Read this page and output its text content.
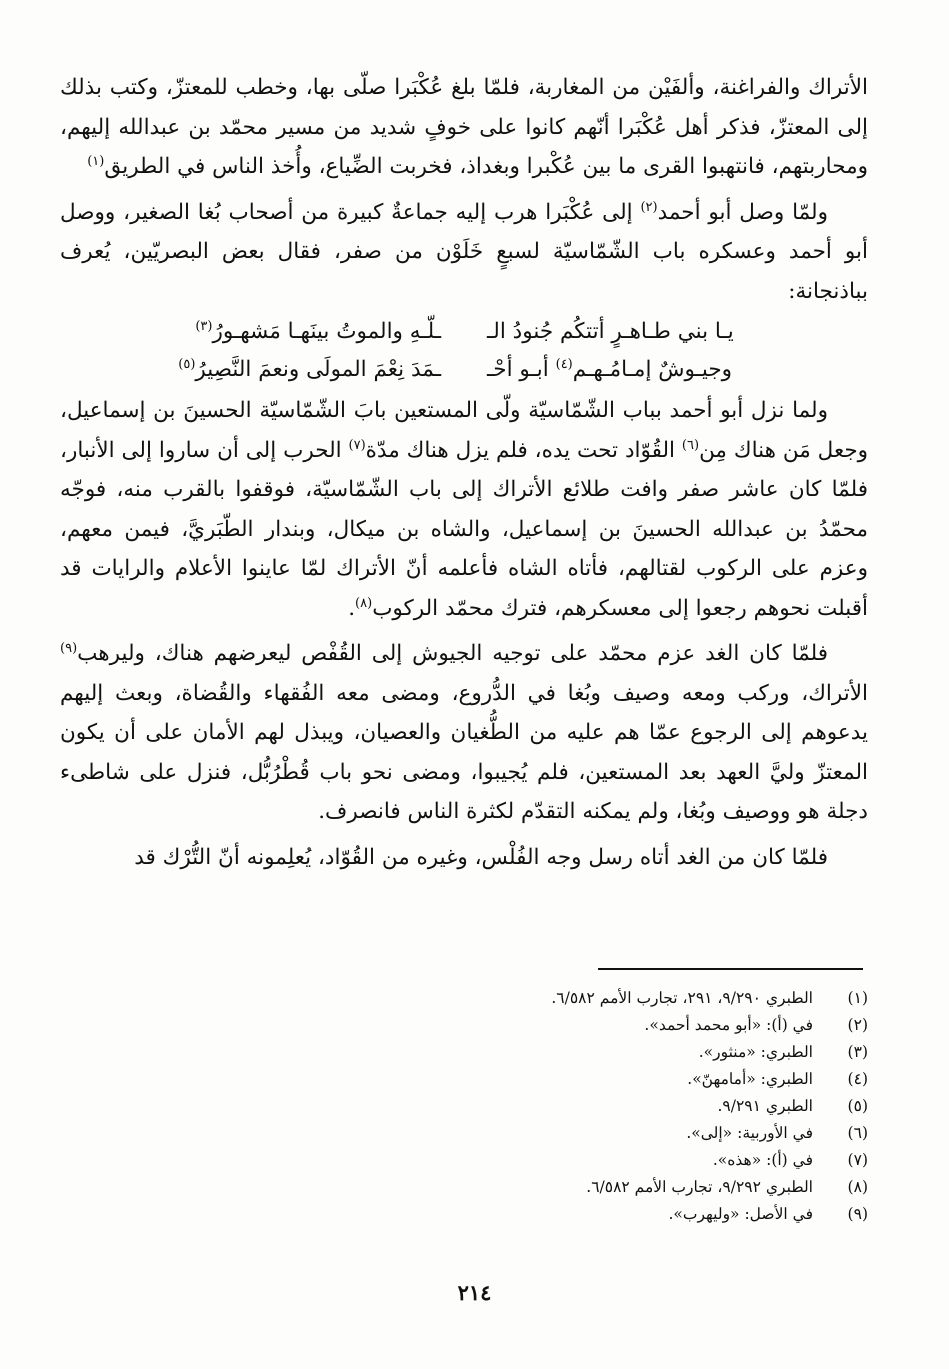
الأتراك والفراغنة، وألفَيْن من المغاربة، فلمّا بلغ عُكْبَرا صلّى بها، وخطب للمعتزّ، وكتب بذلك إلى المعتزّ، فذكر أهل عُكْبَرا أنّهم كانوا على خوفٍ شديد من مسير محمّد بن عبدالله إليهم، ومحاربتهم، فانتهبوا القرى ما بين عُكْبرا وبغداذ، فخربت الضِّياع، وأُخذ الناس في الطريق$^{(١)}$

ولمّا وصل أبو أحمد$^{(٢)}$ إلى عُكْبَرا هرب إليه جماعةٌ كبيرة من أصحاب بُغا الصغير، ووصل أبو أحمد وعسكره باب الشّمّاسيّة لسبعٍ خَلَوْن من صفر، فقال بعض البصريّين، يُعرف بباذنجانة:

يـا بني طـاهـرٍ أتتكُم جُنودُ الـ
ـلّـهِ والموتُ بينَهـا مَشهـورُ$^{(٣)}$
وجيـوشٌ إمـامُـهـم$^{(٤)}$ أبـو أحْـ
ـمَدَ نِعْمَ المولَى ونعمَ النَّصِيرُ$^{(٥)}$

ولما نزل أبو أحمد بباب الشّمّاسيّة ولّى المستعين بابَ الشّمّاسيّة الحسينَ بن إسماعيل، وجعل مَن هناك مِن$^{(٦)}$ القُوّاد تحت يده، فلم يزل هناك مدّة$^{(٧)}$ الحرب إلى أن ساروا إلى الأنبار، فلمّا كان عاشر صفر وافت طلائع الأتراك إلى باب الشّمّاسيّة، فوقفوا بالقرب منه، فوجّه محمّدُ بن عبدالله الحسينَ بن إسماعيل، والشاه بن ميكال، وبندار الطّبَريَّ، فيمن معهم، وعزم على الركوب لقتالهم، فأتاه الشاه فأعلمه أنّ الأتراك لمّا عاينوا الأعلام والرايات قد أقبلت نحوهم رجعوا إلى معسكرهم، فترك محمّد الركوب$^{(٨)}$.

فلمّا كان الغد عزم محمّد على توجيه الجيوش إلى القُفْص ليعرضهم هناك، وليرهب$^{(٩)}$ الأتراك، وركب ومعه وصيف وبُغا في الدُّروع، ومضى معه الفُقهاء والقُضاة، وبعث إليهم يدعوهم إلى الرجوع عمّا هم عليه من الطُّغيان والعصيان، ويبذل لهم الأمان على أن يكون المعتزّ وليَّ العهد بعد المستعين، فلم يُجيبوا، ومضى نحو باب قُطْرُبُّل، فنزل على شاطىء دجلة هو ووصيف وبُغا، ولم يمكنه التقدّم لكثرة الناس فانصرف.

فلمّا كان من الغد أتاه رسل وجه الفُلْس، وغيره من القُوّاد، يُعلِمونه أنّ التُّرْك قد

(١)
الطبري ٩/٢٩٠، ٢٩١، تجارب الأمم ٦/٥٨٢.
(٢)
في (أ): «أبو محمد أحمد».
(٣)
الطبري: «منثور».
(٤)
الطبري: «أمامهنّ».
(٥)
الطبري ٩/٢٩١.
(٦)
في الأوربية: «إلى».
(٧)
في (أ): «هذه».
(٨)
الطبري ٩/٢٩٢، تجارب الأمم ٦/٥٨٢.
(٩)
في الأصل: «وليهرب».
٢١٤
